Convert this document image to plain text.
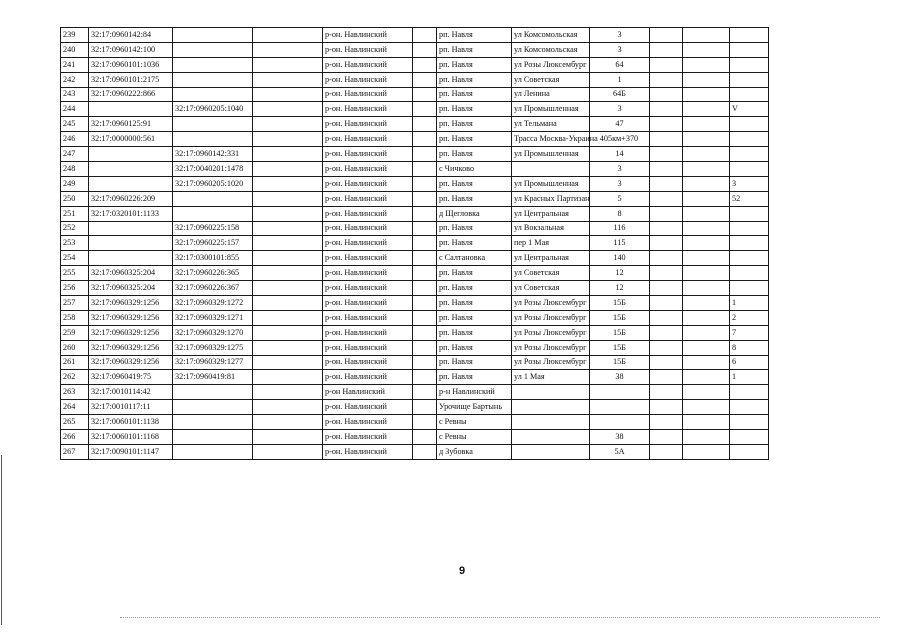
239	32:17:0960142:84			р-он. Навлинский		рп. Навля	ул Комсомольская	3			
240	32:17:0960142:100			р-он. Навлинский		рп. Навля	ул Комсомольская	3			
241	32:17:0960101:1036			р-он. Навлинский		рп. Навля	ул Розы Люксембург	64			
242	32:17:0960101:2175			р-он. Навлинский		рп. Навля	ул Советская	1			
243	32:17:0960222:866			р-он. Навлинский		рп. Навля	ул Ленина	64Б			
244		32:17:0960205:1040		р-он. Навлинский		рп. Навля	ул Промышленная	3			V
245	32:17:0960125:91			р-он. Навлинский		рп. Навля	ул Тельмана	47			
246	32:17:0000000:561			р-он. Навлинский		рп. Навля	Трасса Москва-Украина 405км+370				
247		32:17:0960142:331		р-он. Навлинский		рп. Навля	ул Промышленная	14			
248		32:17:0040201:1478		р-он. Навлинский		с Чичково		3			
249		32:17:0960205:1020		р-он. Навлинский		рп. Навля	ул Промышленная	3			3
250	32:17:0960226:209			р-он. Навлинский		рп. Навля	ул Красных Партизан	5			52
251	32:17:0320101:1133			р-он. Навлинский		д Щегловка	ул Центральная	8			
252		32:17:0960225:158		р-он. Навлинский		рп. Навля	ул Вокзальная	116			
253		32:17:0960225:157		р-он. Навлинский		рп. Навля	пер 1 Мая	115			
254		32:17:0300101:855		р-он. Навлинский		с Салтановка	ул Центральная	140			
255	32:17:0960325:204	32:17:0960226:365		р-он. Навлинский		рп. Навля	ул Советская	12			
256	32:17:0960325:204	32:17:0960226:367		р-он. Навлинский		рп. Навля	ул Советская	12			
257	32:17:0960329:1256	32:17:0960329:1272		р-он. Навлинский		рп. Навля	ул Розы Люксембург	15Б			1
258	32:17:0960329:1256	32:17:0960329:1271		р-он. Навлинский		рп. Навля	ул Розы Люксембург	15Б			2
259	32:17:0960329:1256	32:17:0960329:1270		р-он. Навлинский		рп. Навля	ул Розы Люксембург	15Б			7
260	32:17:0960329:1256	32:17:0960329:1275		р-он. Навлинский		рп. Навля	ул Розы Люксембург	15Б			8
261	32:17:0960329:1256	32:17:0960329:1277		р-он. Навлинский		рп. Навля	ул Розы Люксембург	15Б			6
262	32:17:0960419:75	32:17:0960419:81		р-он. Навлинский		рп. Навля	ул 1 Мая	38			1
263	32:17:0010114:42			р-он Навлинский		р-н Навлинский					
264	32:17:0010117:11			р-он. Навлинский		Урочище Бартынь					
265	32:17:0060101:1138			р-он. Навлинский		с Ревны					
266	32:17:0060101:1168			р-он. Навлинский		с Ревны		38			
267	32:17:0090101:1147			р-он. Навлинский		д Зубовка		5А			
9
